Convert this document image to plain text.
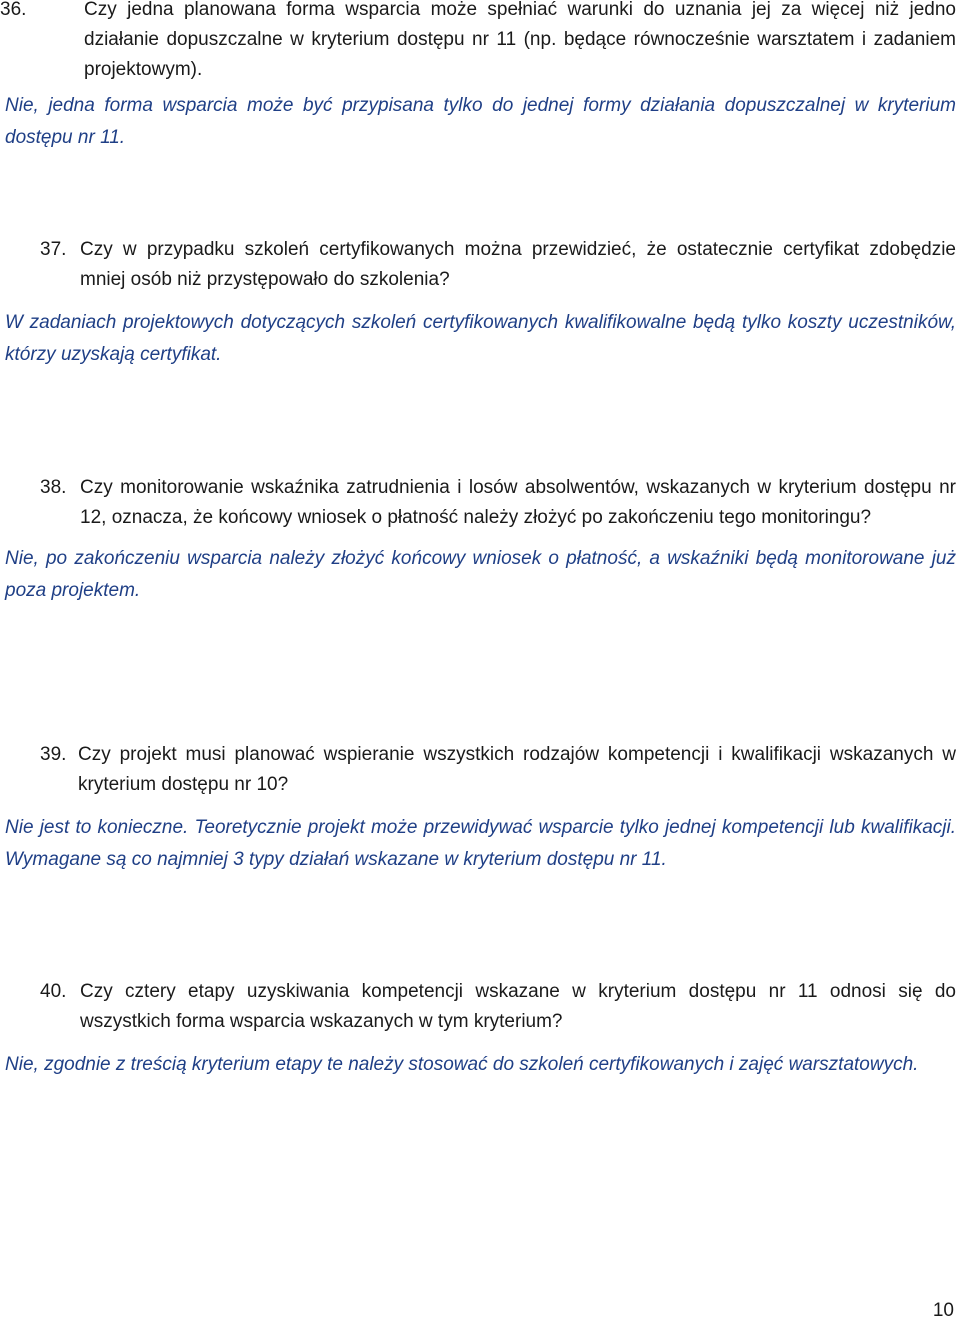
36.	Czy jedna planowana forma wsparcia może spełniać warunki do uznania jej za więcej niż jedno działanie dopuszczalne w kryterium dostępu nr 11 (np. będące równocześnie warsztatem i zadaniem projektowym).
Nie, jedna forma wsparcia może być przypisana tylko do jednej formy działania dopuszczalnej w kryterium dostępu nr 11.
37. Czy w przypadku szkoleń certyfikowanych można przewidzieć, że ostatecznie certyfikat zdobędzie mniej osób niż przystępowało do szkolenia?
W zadaniach projektowych dotyczących szkoleń certyfikowanych kwalifikowalne będą tylko koszty uczestników, którzy uzyskają certyfikat.
38. Czy monitorowanie wskaźnika zatrudnienia i losów absolwentów, wskazanych w kryterium dostępu nr 12, oznacza, że końcowy wniosek o płatność należy złożyć po zakończeniu tego monitoringu?
Nie, po zakończeniu wsparcia należy złożyć końcowy wniosek o płatność, a wskaźniki będą monitorowane już poza projektem.
39. Czy projekt musi planować wspieranie wszystkich rodzajów kompetencji i kwalifikacji wskazanych w kryterium dostępu nr 10?
Nie jest to konieczne. Teoretycznie projekt może przewidywać wsparcie tylko jednej kompetencji lub kwalifikacji. Wymagane są co najmniej 3 typy działań wskazane w kryterium dostępu nr 11.
40. Czy cztery etapy uzyskiwania kompetencji wskazane w kryterium dostępu nr 11 odnosi się do wszystkich forma wsparcia wskazanych w tym kryterium?
Nie, zgodnie z treścią kryterium etapy te należy stosować do szkoleń certyfikowanych i zajęć warsztatowych.
10
